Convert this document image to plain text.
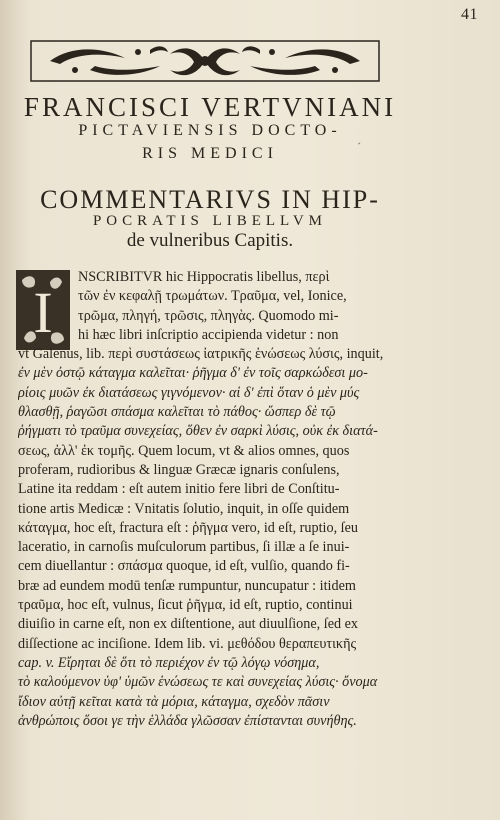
41
FRANCISCI VERTVNIANI
PICTAVIENSIS DOCTO-
RIS MEDICI
COMMENTARIVS IN HIP-
POCRATIS LIBELLVM
de vulneribus Capitis.
I
´
NSCRIBITVR hic Hippocratis libellus, περὶ
τῶν ἐν κεφαλῇ τρωμάτων. Τραῦμα, vel, Ionice,
τρῶμα, πληγή, τρῶσις, πληγὰς. Quomodo mi-
hi hæc libri inſcriptio accipienda videtur : non
vt Galenus, lib. περὶ συστάσεως ἰατρικῆς ἑνώσεως λύσις, inquit,
ἐν μὲν ὀστῷ κάταγμα καλεῖται· ῥῆγμα δ' ἐν τοῖς σαρκώδεσι μο-
ρίοις μυῶν ἐκ διατάσεως γιγνόμενον· αἱ δ' ἐπὶ ὅταν ὁ μὲν μύς
θλασθῇ, ῥαγῶσι σπάσμα καλεῖται τὸ πάθος· ὥσπερ δὲ τῷ
ῥήγματι τὸ τραῦμα συνεχείας, ὅθεν ἐν σαρκὶ λύσις, οὐκ ἐκ διατά-
σεως, ἀλλ' ἐκ τομῆς. Quem locum, vt & alios omnes, quos
proferam, rudioribus & linguæ Græcæ ignaris conſulens,
Latine ita reddam : eſt autem initio fere libri de Conſtitu-
tione artis Medicæ : Vnitatis ſolutio, inquit, in oſſe quidem
κάταγμα, hoc eſt, fractura eſt : ῥῆγμα vero, id eſt, ruptio, ſeu
laceratio, in carnoſis muſculorum partibus, ſi illæ a ſe inui-
cem diuellantur : σπάσμα quoque, id eſt, vulſio, quando fi-
bræ ad eundem modū tenſæ rumpuntur, nuncupatur : itidem
τραῦμα, hoc eſt, vulnus, ſicut ῥῆγμα, id eſt, ruptio, continui
diuiſio in carne eſt, non ex diſtentione, aut diuulſione, ſed ex
diſſectione ac inciſione. Idem lib. vi. μεθόδου θεραπευτικῆς
cap. v. Εἴρηται δὲ ὅτι τὸ περιέχον ἐν τῷ λόγῳ νόσημα,
τὸ καλούμενον ὑφ' ὑμῶν ἑνώσεως τε καὶ συνεχείας λύσις· ὄνομα
ἴδιον αὐτῇ κεῖται κατὰ τὰ μόρια, κάταγμα, σχεδὸν πᾶσιν
ἀνθρώποις ὅσοι γε τὴν ἑλλάδα γλῶσσαν ἐπίστανται συνήθης.
